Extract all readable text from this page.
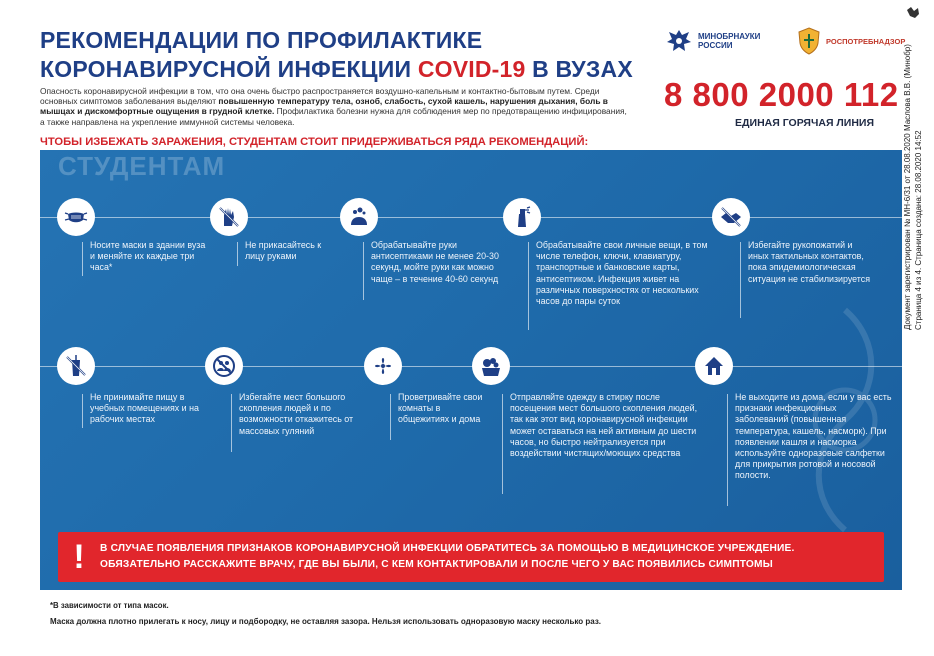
РЕКОМЕНДАЦИИ ПО ПРОФИЛАКТИКЕ
КОРОНАВИРУСНОЙ ИНФЕКЦИИ COVID-19 В ВУЗАХ
Опасность коронавирусной инфекции в том, что она очень быстро распространяется воздушно-капельным и контактно-бытовым путем. Среди основных симптомов заболевания выделяют повышенную температуру тела, озноб, слабость, сухой кашель, нарушения дыхания, боль в мышцах и дискомфортные ощущения в грудной клетке. Профилактика болезни нужна для соблюдения мер по предотвращению инфицирования, а также направлена на укрепление иммунной системы человека.
МИНОБРНАУКИ РОССИИ	РОСПОТРЕБНАДЗОР
8 800 2000 112
ЕДИНАЯ ГОРЯЧАЯ ЛИНИЯ
ЧТОБЫ ИЗБЕЖАТЬ ЗАРАЖЕНИЯ, СТУДЕНТАМ СТОИТ ПРИДЕРЖИВАТЬСЯ РЯДА РЕКОМЕНДАЦИЙ:
СТУДЕНТАМ
Носите маски в здании вуза и меняйте их каждые три часа*
Не прикасайтесь к лицу руками
Обрабатывайте руки антисептиками не менее 20-30 секунд, мойте руки как можно чаще – в течение 40-60 секунд
Обрабатывайте свои личные вещи, в том числе телефон, ключи, клавиатуру, транспортные и банковские карты, антисептиком. Инфекция живет на различных поверхностях от нескольких часов до пары суток
Избегайте рукопожатий и иных тактильных контактов, пока эпидемиологическая ситуация не стабилизируется
Не принимайте пищу в учебных помещениях и на рабочих местах
Избегайте мест большого скопления людей и по возможности откажитесь от массовых гуляний
Проветривайте свои комнаты в общежитиях и дома
Отправляйте одежду в стирку после посещения мест большого скопления людей, так как этот вид коронавирусной инфекции может оставаться на ней активным до шести часов, но быстро нейтрализуется при воздействии чистящих/моющих средства
Не выходите из дома, если у вас есть признаки инфекционных заболеваний (повышенная температура, кашель, насморк). При появлении кашля и насморка используйте одноразовые салфетки для прикрытия ротовой и носовой полости.
!	В СЛУЧАЕ ПОЯВЛЕНИЯ ПРИЗНАКОВ КОРОНАВИРУСНОЙ ИНФЕКЦИИ ОБРАТИТЕСЬ ЗА ПОМОЩЬЮ В МЕДИЦИНСКОЕ УЧРЕЖДЕНИЕ.
ОБЯЗАТЕЛЬНО РАССКАЖИТЕ ВРАЧУ, ГДЕ ВЫ БЫЛИ, С КЕМ КОНТАКТИРОВАЛИ И ПОСЛЕ ЧЕГО У ВАС ПОЯВИЛИСЬ СИМПТОМЫ
*В зависимости от типа масок.
Маска должна плотно прилегать к носу, лицу и подбородку, не оставляя зазора. Нельзя использовать одноразовую маску несколько раз.
Документ зарегистрирован № МН-6/31 от 28.08.2020 Маслова В.В. (Минобр)
Страница 4 из 4. Страница создана: 28.08.2020 14:52
